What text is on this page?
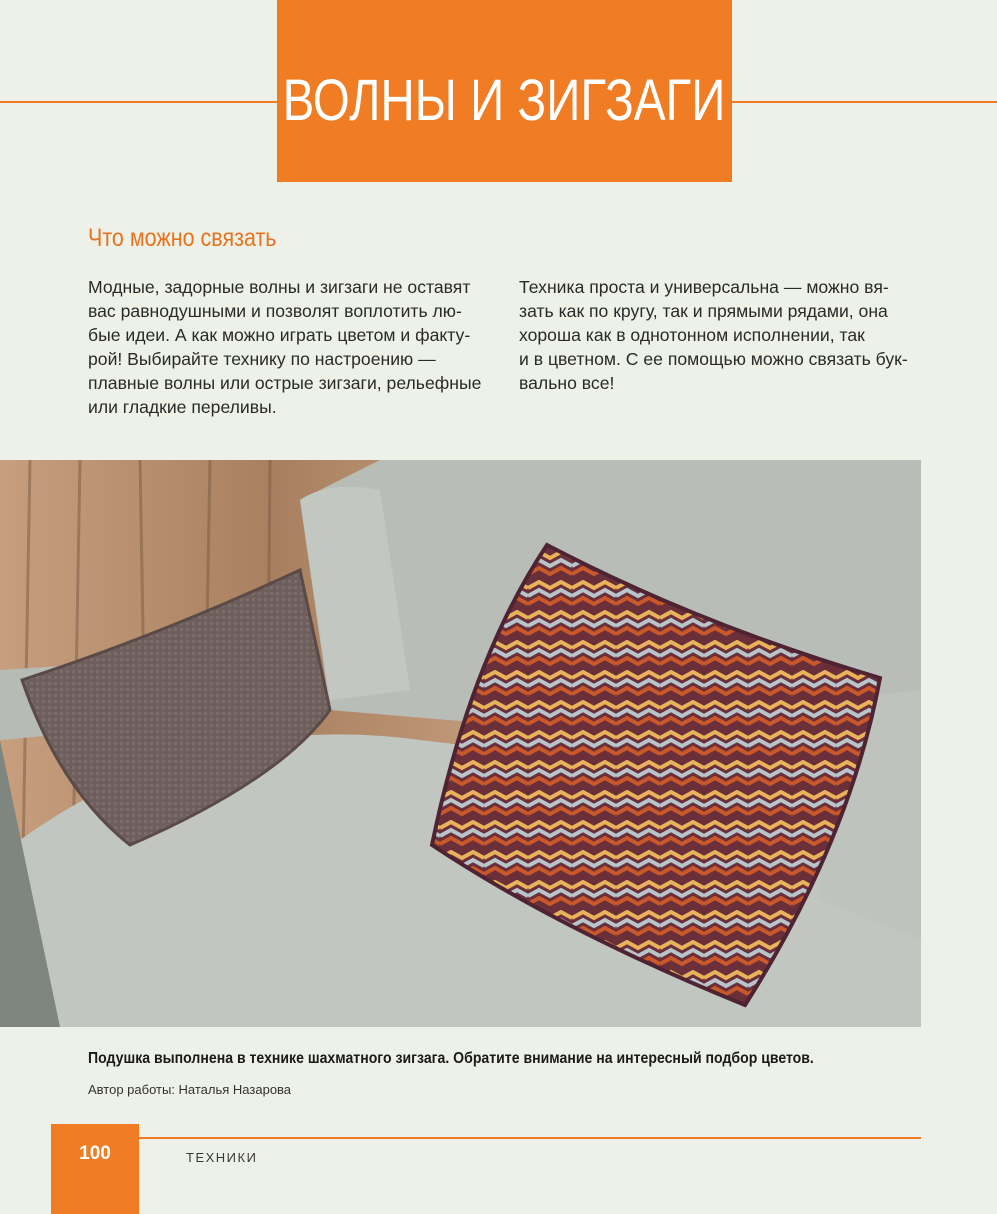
ВОЛНЫ И ЗИГЗАГИ
Что можно связать

Модные, задорные волны и зигзаги не оставят
вас равнодушными и позволят воплотить лю-
бые идеи. А как можно играть цветом и факту-
рой! Выбирайте технику по настроению —
плавные волны или острые зигзаги, рельефные
или гладкие переливы.

Техника проста и универсальна — можно вя-
зать как по кругу, так и прямыми рядами, она
хороша как в однотонном исполнении, так
и в цветном. С ее помощью можно связать бук-
вально все!

Подушка выполнена в технике шахматного зигзага. Обратите внимание на интересный подбор цветов.

Автор работы: Наталья Назарова

100	ТЕХНИКИ
